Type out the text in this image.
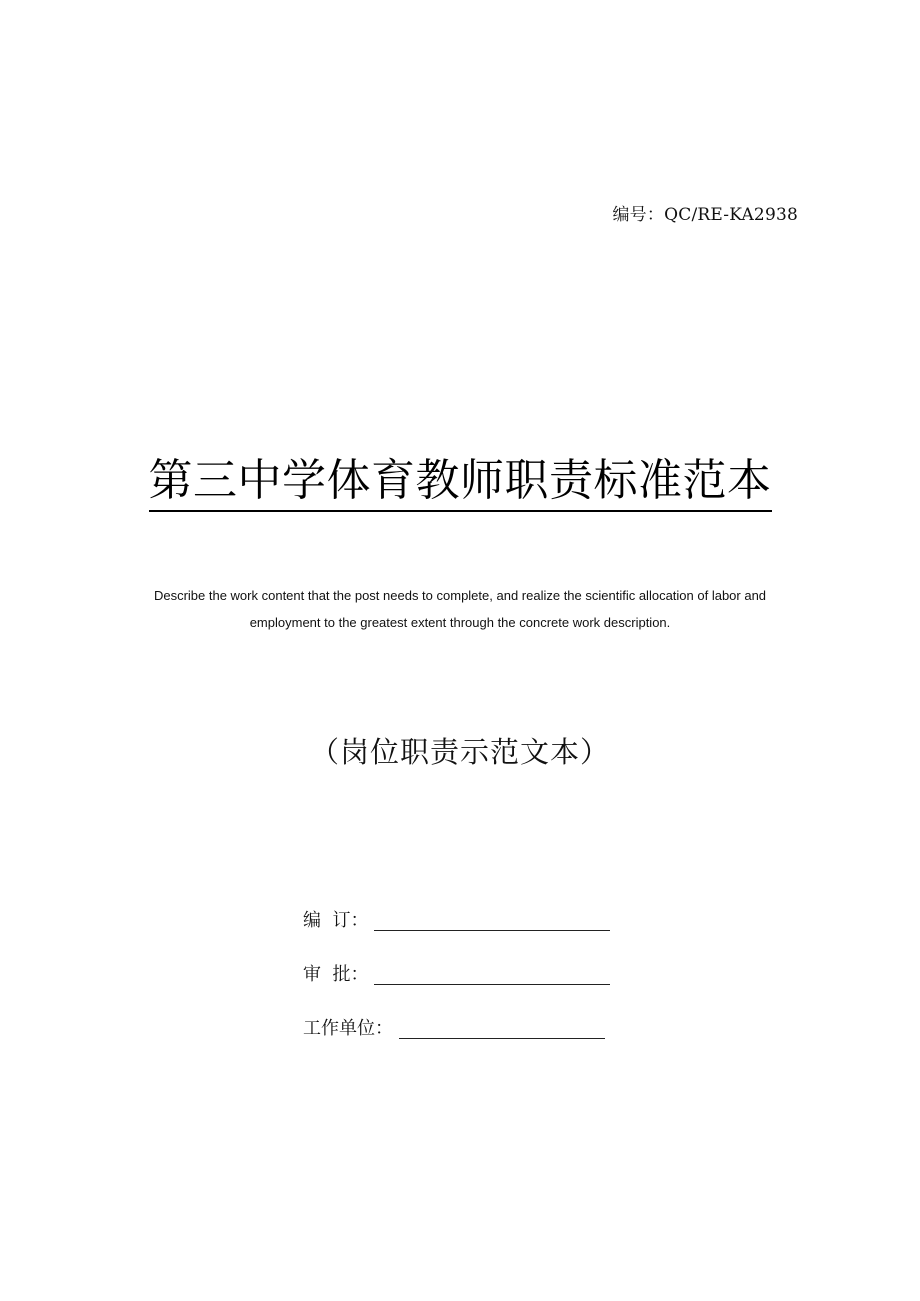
编号：QC/RE-KA2938
第三中学体育教师职责标准范本
Describe the work content that the post needs to complete, and realize the scientific allocation of labor and employment to the greatest extent through the concrete work description.
（岗位职责示范文本）
编  订：
审  批：
工作单位：
